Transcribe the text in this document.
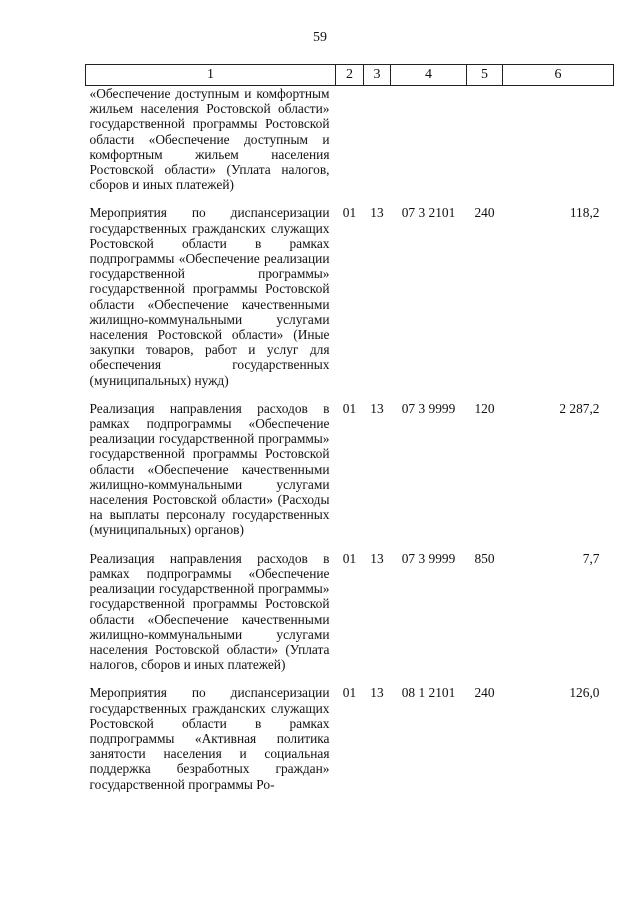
59
1	2	3	4	5	6
«Обеспечение доступным и комфортным жильем населения Ростовской области» государственной программы Ростовской области «Обеспечение доступным и комфортным жильем населения Ростовской области» (Уплата налогов, сборов и иных платежей)					
Мероприятия по диспансеризации государственных гражданских служащих Ростовской области в рамках подпрограммы «Обеспечение реализации государственной программы» государственной программы Ростовской области «Обеспечение качественными жилищно-коммунальными услугами населения Ростовской области» (Иные закупки товаров, работ и услуг для обеспечения государственных (муниципальных) нужд)	01	13	07 3 2101	240	118,2
Реализация направления расходов в рамках подпрограммы «Обеспечение реализации государственной программы» государственной программы Ростовской области «Обеспечение качественными жилищно-коммунальными услугами населения Ростовской области» (Расходы на выплаты персоналу государственных (муниципальных) органов)	01	13	07 3 9999	120	2 287,2
Реализация направления расходов в рамках подпрограммы «Обеспечение реализации государственной программы» государственной программы Ростовской области «Обеспечение качественными жилищно-коммунальными услугами населения Ростовской области» (Уплата налогов, сборов и иных платежей)	01	13	07 3 9999	850	7,7
Мероприятия по диспансеризации государственных гражданских служащих Ростовской области в рамках подпрограммы «Активная политика занятости населения и социальная поддержка безработных граждан» государственной программы Ро-	01	13	08 1 2101	240	126,0
